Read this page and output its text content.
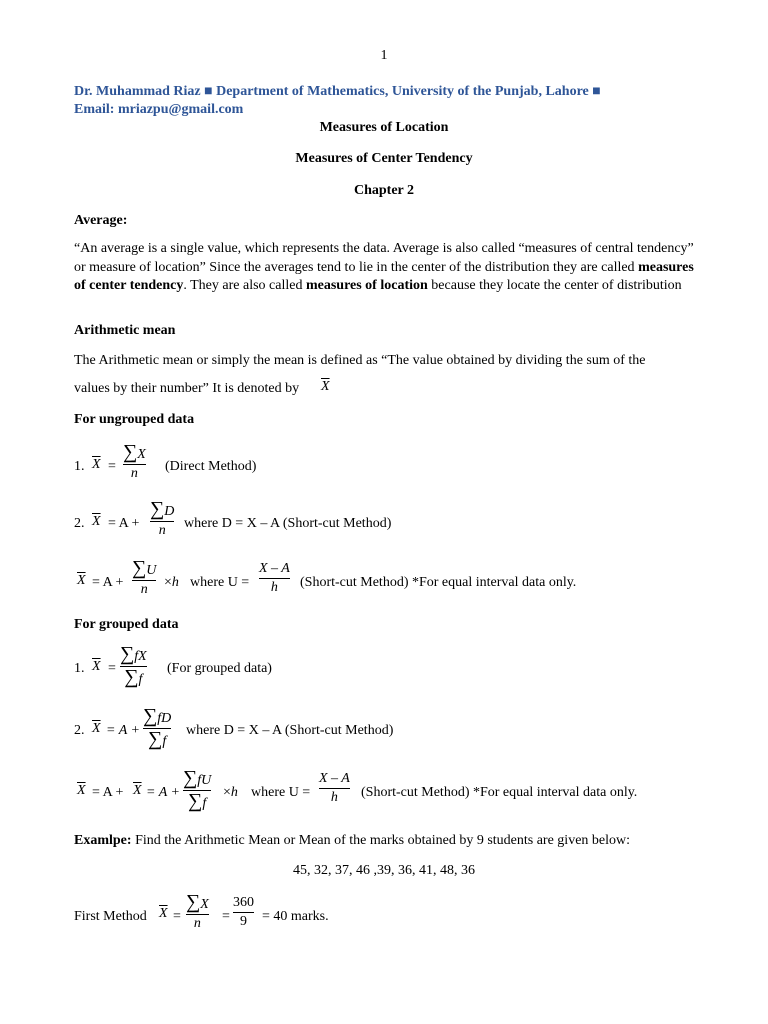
1
Dr. Muhammad Riaz ■ Department of Mathematics, University of the Punjab, Lahore ■
Email: mriazpu@gmail.com
Measures of Location
Measures of Center Tendency
Chapter 2
Average:
“An average is a single value, which represents the data. Average is also called “measures of central tendency” or measure of location” Since the averages tend to lie in the center of the distribution they are called measures of center tendency. They are also called measures of location because they locate the center of distribution
Arithmetic mean
The Arithmetic mean or simply the mean is defined as “The value obtained by dividing the sum of the
values by their number” It is denoted by $\overline{X}$
For ungrouped data
1. $\overline{X}$ =
∑X
n	(Direct Method)
2. $\overline{X} = A$ +
∑D
n	where D = X – A (Short-cut Method)
$\overline{X} = A$ +
∑U
n	×h where U =
X – A
h	(Short-cut Method) *For equal interval data only.
For grouped data
1. $\overline{X}$ =
∑fX
∑f
(For grouped data)
2. $\overline{X} = A$ +
∑fD
∑f
where D = X – A (Short-cut Method)
$\overline{X} = A + \overline{X} = A$ +
∑fU
∑f
×h where U =
X – A
h	(Short-cut Method) *For equal interval data only.
Examlpe: Find the Arithmetic Mean or Mean of the marks obtained by 9 students are given below:
45, 32, 37, 46 ,39, 36, 41, 48, 36
First Method $\overline{X}$ =
∑X
n	=
360
9	= 40 marks.
